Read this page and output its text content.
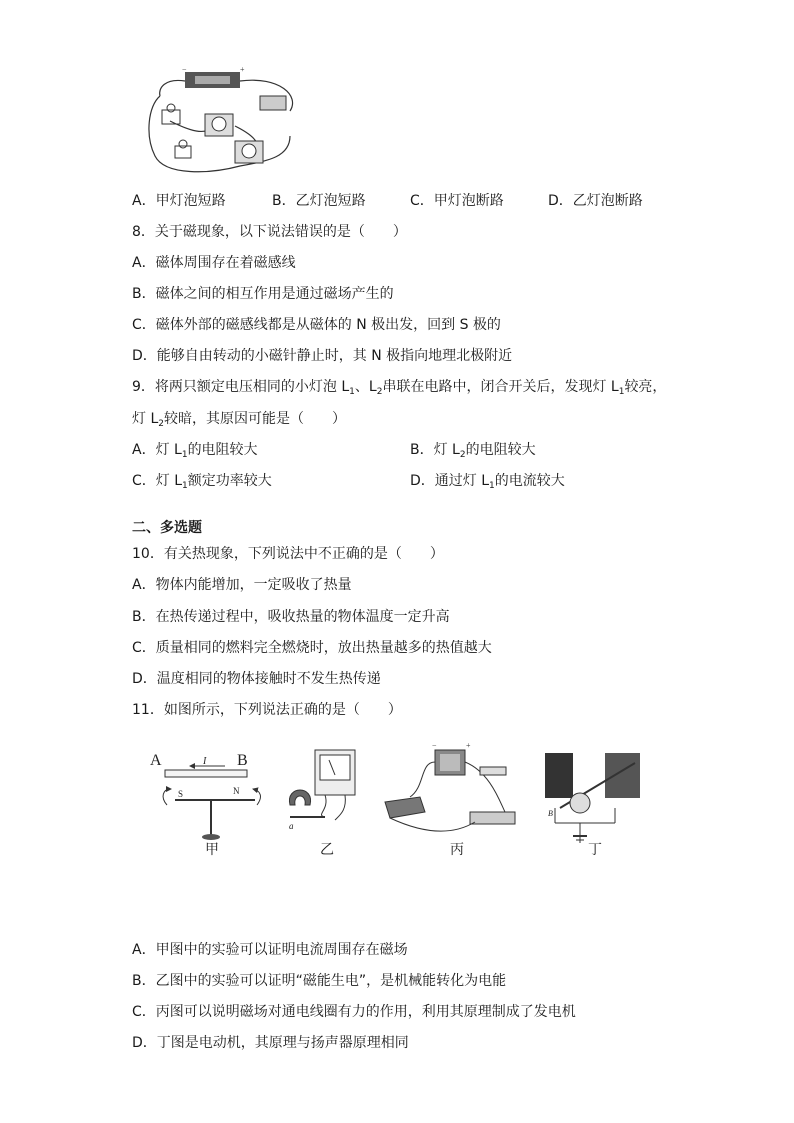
−	+
A．甲灯泡短路	B．乙灯泡短路	C．甲灯泡断路	D．乙灯泡断路
8．关于磁现象，以下说法错误的是（　　）
A．磁体周围存在着磁感线
B．磁体之间的相互作用是通过磁场产生的
C．磁体外部的磁感线都是从磁体的 N 极出发，回到 S 极的
D．能够自由转动的小磁针静止时，其 N 极指向地理北极附近
9．将两只额定电压相同的小灯泡 $L_1$、$L_2$串联在电路中，闭合开关后，发现灯 $L_1$较亮，
灯 $L_2$较暗，其原因可能是（　　）
A．灯 $L_1$的电阻较大	B．灯 $L_2$的电阻较大
C．灯 $L_1$额定功率较大	D．通过灯 $L_1$的电流较大
二、多选题
10．有关热现象，下列说法中不正确的是（　　）
A．物体内能增加，一定吸收了热量
B．在热传递过程中，吸收热量的物体温度一定升高
C．质量相同的燃料完全燃烧时，放出热量越多的热值越大
D．温度相同的物体接触时不发生热传递
11．如图所示，下列说法正确的是（　　）
A	B
I
S	N
a
−	+
B
甲	乙	丙	丁
A．甲图中的实验可以证明电流周围存在磁场
B．乙图中的实验可以证明“磁能生电”，是机械能转化为电能
C．丙图可以说明磁场对通电线圈有力的作用，利用其原理制成了发电机
D．丁图是电动机，其原理与扬声器原理相同
